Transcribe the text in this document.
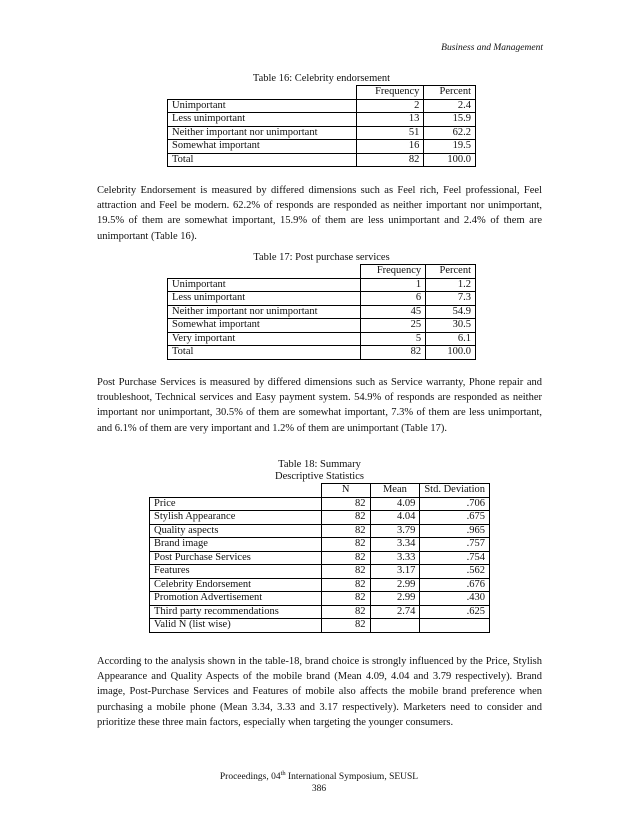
Business and Management
Table 16: Celebrity endorsement
	Frequency	Percent
Unimportant	2	2.4
Less unimportant	13	15.9
Neither important nor unimportant	51	62.2
Somewhat important	16	19.5
Total	82	100.0

Celebrity Endorsement is measured by differed dimensions such as Feel rich, Feel professional, Feel attraction and Feel be modern. 62.2% of responds are responded as neither important nor unimportant, 19.5% of them are somewhat important, 15.9% of them are less unimportant and 2.4% of them are unimportant (Table 16).

Table 17: Post purchase services
	Frequency	Percent
Unimportant	1	1.2
Less unimportant	6	7.3
Neither important nor unimportant	45	54.9
Somewhat important	25	30.5
Very important	5	6.1
Total	82	100.0

Post Purchase Services is measured by differed dimensions such as Service warranty, Phone repair and troubleshoot, Technical services and Easy payment system. 54.9% of responds are responded as neither important nor unimportant, 30.5% of them are somewhat important, 7.3% of them are less unimportant, and 6.1% of them are very important and 1.2% of them are unimportant (Table 17).

Table 18: Summary
Descriptive Statistics
	N	Mean	Std. Deviation
Price	82	4.09	.706
Stylish Appearance	82	4.04	.675
Quality aspects	82	3.79	.965
Brand image	82	3.34	.757
Post Purchase Services	82	3.33	.754
Features	82	3.17	.562
Celebrity Endorsement	82	2.99	.676
Promotion Advertisement	82	2.99	.430
Third party recommendations	82	2.74	.625
Valid N (list wise)	82		

According to the analysis shown in the table-18, brand choice is strongly influenced by the Price, Stylish Appearance and Quality Aspects of the mobile brand (Mean 4.09, 4.04 and 3.79 respectively). Brand image, Post-Purchase Services and Features of mobile also affects the mobile brand preference when purchasing a mobile phone (Mean 3.34, 3.33 and 3.17 respectively). Marketers need to consider and prioritize these three main factors, especially when targeting the younger consumers.

Proceedings, 04th International Symposium, SEUSL
386
